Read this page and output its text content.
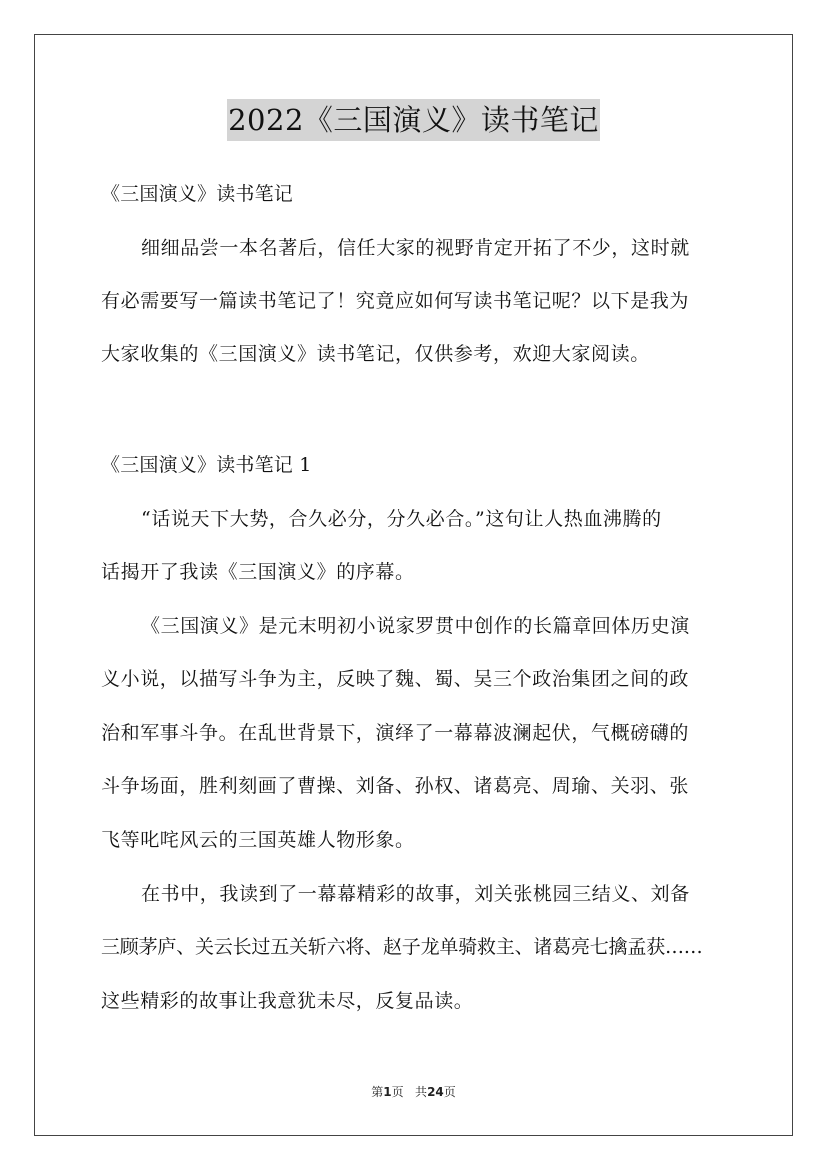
2022《三国演义》读书笔记
《三国演义》读书笔记
细细品尝一本名著后，信任大家的视野肯定开拓了不少，这时就
有必需要写一篇读书笔记了！究竟应如何写读书笔记呢？以下是我为
大家收集的《三国演义》读书笔记，仅供参考，欢迎大家阅读。
《三国演义》读书笔记 1
“话说天下大势，合久必分，分久必合。”这句让人热血沸腾的
话揭开了我读《三国演义》的序幕。
《三国演义》是元末明初小说家罗贯中创作的长篇章回体历史演
义小说，以描写斗争为主，反映了魏、蜀、吴三个政治集团之间的政
治和军事斗争。在乱世背景下，演绎了一幕幕波澜起伏，气概磅礴的
斗争场面，胜利刻画了曹操、刘备、孙权、诸葛亮、周瑜、关羽、张
飞等叱咤风云的三国英雄人物形象。
在书中，我读到了一幕幕精彩的故事，刘关张桃园三结义、刘备
三顾茅庐、关云长过五关斩六将、赵子龙单骑救主、诸葛亮七擒孟获……
这些精彩的故事让我意犹未尽，反复品读。
第1页 共24页
